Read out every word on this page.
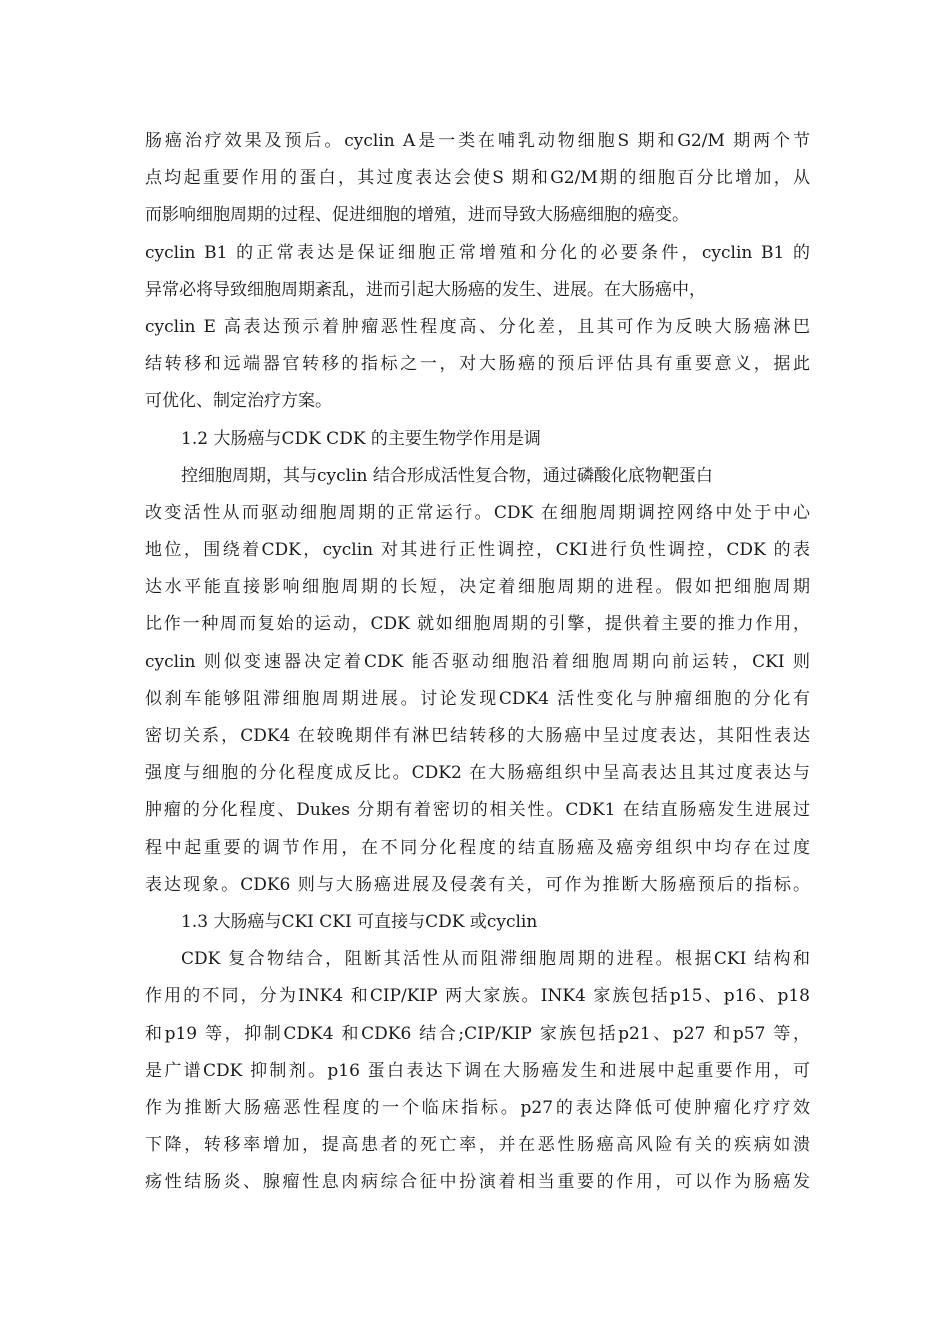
肠癌治疗效果及预后。cyclin A是一类在哺乳动物细胞S 期和G2/M 期两个节
点均起重要作用的蛋白，其过度表达会使S 期和G2/M期的细胞百分比增加，从
而影响细胞周期的过程、促进细胞的增殖，进而导致大肠癌细胞的癌变。
cyclin B1 的正常表达是保证细胞正常增殖和分化的必要条件，cyclin B1 的
异常必将导致细胞周期紊乱，进而引起大肠癌的发生、进展。在大肠癌中，
cyclin E 高表达预示着肿瘤恶性程度高、分化差，且其可作为反映大肠癌淋巴
结转移和远端器官转移的指标之一，对大肠癌的预后评估具有重要意义，据此
可优化、制定治疗方案。
1.2 大肠癌与CDK CDK 的主要生物学作用是调
控细胞周期，其与cyclin 结合形成活性复合物，通过磷酸化底物靶蛋白
改变活性从而驱动细胞周期的正常运行。CDK 在细胞周期调控网络中处于中心
地位，围绕着CDK，cyclin 对其进行正性调控，CKI进行负性调控，CDK 的表
达水平能直接影响细胞周期的长短，决定着细胞周期的进程。假如把细胞周期
比作一种周而复始的运动，CDK 就如细胞周期的引擎，提供着主要的推力作用，
cyclin 则似变速器决定着CDK 能否驱动细胞沿着细胞周期向前运转，CKI 则
似刹车能够阻滞细胞周期进展。讨论发现CDK4 活性变化与肿瘤细胞的分化有
密切关系，CDK4 在较晚期伴有淋巴结转移的大肠癌中呈过度表达，其阳性表达
强度与细胞的分化程度成反比。CDK2 在大肠癌组织中呈高表达且其过度表达与
肿瘤的分化程度、Dukes 分期有着密切的相关性。CDK1 在结直肠癌发生进展过
程中起重要的调节作用，在不同分化程度的结直肠癌及癌旁组织中均存在过度
表达现象。CDK6 则与大肠癌进展及侵袭有关，可作为推断大肠癌预后的指标。
1.3 大肠癌与CKI CKI 可直接与CDK 或cyclin
CDK 复合物结合，阻断其活性从而阻滞细胞周期的进程。根据CKI 结构和
作用的不同，分为INK4 和CIP/KIP 两大家族。INK4 家族包括p15、p16、p18
和p19 等，抑制CDK4 和CDK6 结合;CIP/KIP 家族包括p21、p27 和p57 等，
是广谱CDK 抑制剂。p16 蛋白表达下调在大肠癌发生和进展中起重要作用，可
作为推断大肠癌恶性程度的一个临床指标。p27的表达降低可使肿瘤化疗疗效
下降，转移率增加，提高患者的死亡率，并在恶性肠癌高风险有关的疾病如溃
疡性结肠炎、腺瘤性息肉病综合征中扮演着相当重要的作用，可以作为肠癌发
